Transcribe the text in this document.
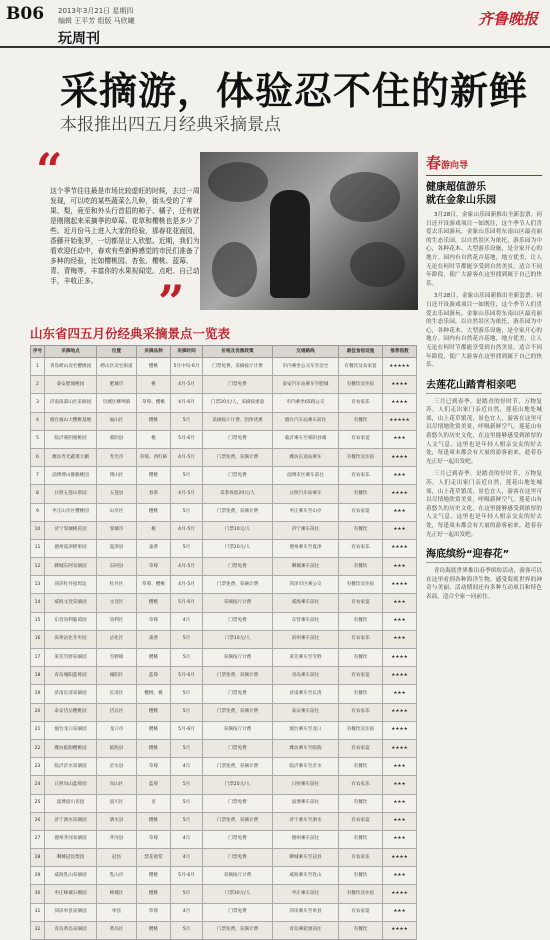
B06 2013年3月21日 星期四
编辑 王平芳 组版 马欣曦
玩周刊
齐鲁晚报
采摘游，体验忍不住的新鲜
本报推出四五月经典采摘景点
“
这个季节往往最是市场比较虚旺的时候，去过一周发现，可以吃的某些蔬菜么几种，街头受的了苹果、梨，竟至和外头行首招的柿子、橘子，还有就是刚刚起来采摘季的草莓、花草和樱桃也是多少了些。近月份马上进入大家的经验，那春花花面园，香藤开始张罗，一切都是让人欣慰。近期，我们为看欢迎任动中，春欢有些新鲜感觉的市民们准备了多种的经验，比如樱桃园、杏张、樱桃、蓝莓、青、青梅等，丰富你的水果视闻觉。点吧、自己动手，丰收正多。	”
春游向导
健康超值游乐
就在金象山乐园

3月28日，金象山乐园新推出全新套票。同日还开设游戏项目一如既往，这个季节人们喜爱去乐园游玩。金象山乐园将东南山区最亮丽的生态乐园，以自然景区为依托，游乐园为中心，各种花木、大型游乐设施，是全家开心的地方。园内有自然花卉基地，地方优美，让人无论在何时节都能享受到自然美景。适合不同年龄段，使广大游客在这里找到属于自己的快乐。

3月28日，金象山乐园新推出全新套票。同日还开设游戏项目一如既往，这个季节人们喜爱去乐园游玩。金象山乐园将东南山区最亮丽的生态乐园，以自然景区为依托，游乐园为中心，各种花木、大型游乐设施，是全家开心的地方。园内有自然花卉基地，地方优美，让人无论在何时节都能享受到自然美景。适合不同年龄段，使广大游客在这里找到属于自己的快乐。

去莲花山踏青相亲吧

三月已到春季，是踏青的好时节，万物复苏，人们走出家门亲近自然，莲花山地处城郊，山上花草繁茂，景色宜人，游客在这里可以尽情地欣赏美景，呼吸新鲜空气。莲花山有着悠久的历史文化，在这里能够感受到浓厚的人文气息。这里也是年轻人相亲交友的好去处，每逢周末都会有大量的游客前来，趁着春光正好一起出发吧。

三月已到春季，是踏青的好时节，万物复苏，人们走出家门亲近自然，莲花山地处城郊，山上花草繁茂，景色宜人，游客在这里可以尽情地欣赏美景，呼吸新鲜空气。莲花山有着悠久的历史文化，在这里能够感受到浓厚的人文气息。这里也是年轻人相亲交友的好去处，每逢周末都会有大量的游客前来，趁着春光正好一起出发吧。

海底缤纷“迎春花”

青岛海底世界推出春季缤纷活动，游客可以在这里看到各种海洋生物，感受海底世界的神奇与美丽。活动期间还有多种互动项目和特色表演，适合全家一同前往。

山东省四五月份经典采摘景点一览表
序号	采摘地点	位置	采摘品种	采摘时间	价格及优惠政策	交通路线	最佳食宿设施	推荐指数
1	青岛崂山北宅樱桃园	崂山区北宅街道	樱桃	5月中旬-6月	门票免费，采摘按斤计费	市内乘坐公交车至北宅	有餐饮及农家宴	★★★★★
2	泰安肥城桃园	肥城市	桃	4月-5月	门票免费	泰安汽车站乘车至肥城	有餐饮及住宿	★★★★
3	济南南部山区采摘园	历城区柳埠镇	草莓、樱桃	4月-6月	门票20元/人，采摘按重量	市内乘坐65路公交	有农家乐	★★★★
4	烟台福山大樱桃基地	福山区	樱桃	5月	采摘按斤计费，团体优惠	烟台汽车站乘车前往	有餐饮	★★★★★
5	临沂蒙阴蜜桃园	蒙阴县	桃	5月-6月	门票免费	临沂乘车至蒙阴县城	有农家宴	★★★
6	潍坊寿光蔬菜大棚	寿光市	草莓、西红柿	4月-5月	门票免费，采摘计费	潍坊长途站乘车	有餐饮及住宿	★★★★
7	淄博博山猕猴桃园	博山区	樱桃	5月	门票免费	淄博市区乘车前往	有农家乐	★★★
8	日照五莲山茶园	五莲县	春茶	4月-5月	采茶体验20元/人	日照汽车站乘车	有餐饮	★★★★
9	枣庄山亭区樱桃园	山亭区	樱桃	5月	门票免费，采摘计费	枣庄乘车至山亭	有农家宴	★★★
10	济宁邹城桃花园	邹城市	桃	4月-5月	门票10元/人	济宁乘车前往	有餐饮	★★★
11	德州夏津椹果园	夏津县	桑葚	5月	门票20元/人	德州乘车至夏津	有农家乐	★★★★
12	聊城东阿采摘园	东阿县	草莓	4月-5月	门票免费	聊城乘车前往	有餐饮	★★★
13	菏泽牡丹园周边	牡丹区	草莓、樱桃	4月-5月	门票免费，采摘计费	菏泽市区乘公交	有餐饮及住宿	★★★★
14	威海文登采摘园	文登区	樱桃	5月-6月	采摘按斤计费	威海乘车前往	有农家宴	★★★
15	东营垦利葡萄园	垦利区	草莓	4月	门票免费	东营乘车前往	有餐饮	★★★
16	滨州沾化冬枣园	沾化区	桑葚	5月	门票10元/人	滨州乘车前往	有农家乐	★★★
17	莱芜雪野采摘园	雪野镇	樱桃	5月	采摘按斤计费	莱芜乘车至雪野	有餐饮	★★★★
18	青岛城阳蓝莓园	城阳区	蓝莓	5月-6月	门票免费，采摘计费	青岛乘车前往	有农家宴	★★★★
19	济南长清采摘园	长清区	樱桃、桃	5月	门票免费	济南乘车至长清	有餐饮	★★★
20	泰安岱岳樱桃园	岱岳区	樱桃	5月	门票免费，采摘计费	泰安乘车前往	有农家乐	★★★★
21	烟台龙口采摘园	龙口市	樱桃	5月-6月	采摘按斤计费	烟台乘车至龙口	有餐饮及住宿	★★★★
22	潍坊临朐樱桃园	临朐县	樱桃	5月	门票免费	潍坊乘车至临朐	有农家宴	★★★★
23	临沂沂水采摘园	沂水县	草莓	4月	门票免费，采摘计费	临沂乘车至沂水	有餐饮	★★★
24	日照岚山蓝莓园	岚山区	蓝莓	5月	门票20元/人	日照乘车前往	有农家乐	★★★
25	淄博淄川杏园	淄川区	杏	5月	门票免费	淄博乘车前往	有餐饮	★★★
26	济宁泗水采摘园	泗水县	樱桃	5月	门票免费，采摘计费	济宁乘车至泗水	有农家宴	★★★
27	德州齐河采摘园	齐河县	草莓	4月	门票免费	德州乘车前往	有餐饮	★★★
28	聊城冠县梨园	冠县	梨花观赏	4月	门票免费	聊城乘车至冠县	有农家乐	★★★★
29	威海乳山采摘园	乳山市	樱桃	5月-6月	采摘按斤计费	威海乘车至乳山	有餐饮	★★★
30	枣庄峄城石榴园	峄城区	樱桃	5月	门票30元/人	枣庄乘车前往	有餐饮及住宿	★★★★
31	菏泽单县采摘园	单县	草莓	4月	门票免费	菏泽乘车至单县	有农家宴	★★★
32	青岛黄岛采摘园	黄岛区	樱桃	5月	门票免费，采摘计费	青岛乘轮渡前往	有餐饮	★★★★
